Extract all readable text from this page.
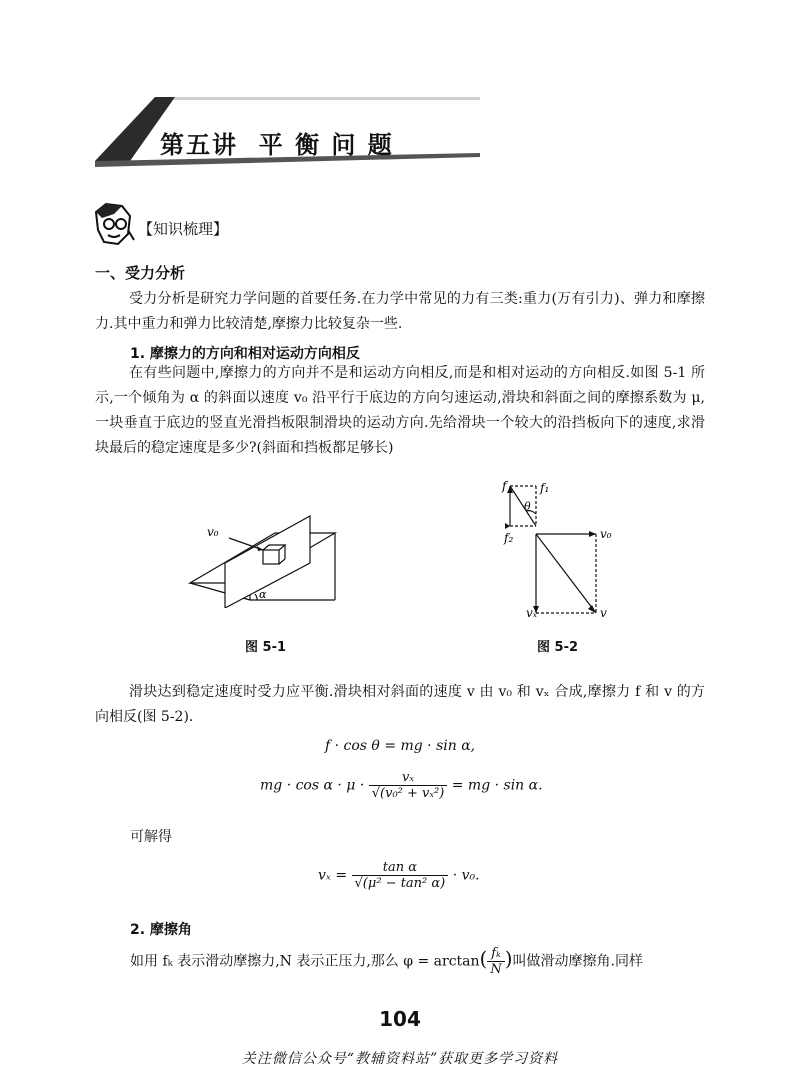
第五讲  平 衡 问 题
【知识梳理】
一、受力分析

受力分析是研究力学问题的首要任务.在力学中常见的力有三类:重力(万有引力)、弹力和摩擦力.其中重力和弹力比较清楚,摩擦力比较复杂一些.

1. 摩擦力的方向和相对运动方向相反

在有些问题中,摩擦力的方向并不是和运动方向相反,而是和相对运动的方向相反.如图 5-1 所示,一个倾角为 α 的斜面以速度 v₀ 沿平行于底边的方向匀速运动,滑块和斜面之间的摩擦系数为 μ,一块垂直于底边的竖直光滑挡板限制滑块的运动方向.先给滑块一个较大的沿挡板向下的速度,求滑块最后的稳定速度是多少?(斜面和挡板都足够长)

v₀
α
图 5-1
f	f₁
θ
f₂	v₀
vₓ	v
图 5-2

滑块达到稳定速度时受力应平衡.滑块相对斜面的速度 v 由 v₀ 和 vₓ 合成,摩擦力 f 和 v 的方向相反(图 5-2).

f · cos θ = mg · sin α,
mg · $\cos \alpha \cdot \mu \cdot \frac{\text{vₓ}}{\text{√(v₀² + vₓ²)}}$ = mg · sin α.
可解得
$v_x = \frac{\text{tan α}}{\text{√(μ² − tan² α)}} \cdot v_0$.
2. 摩擦角
如用 fₖ 表示滑动摩擦力,N 表示正压力,那么 $\varphi = \arctan( \frac{\text{fₖ}}{N}$ )叫做滑动摩擦角.同样
104
关注微信公众号“教辅资料站”获取更多学习资料
